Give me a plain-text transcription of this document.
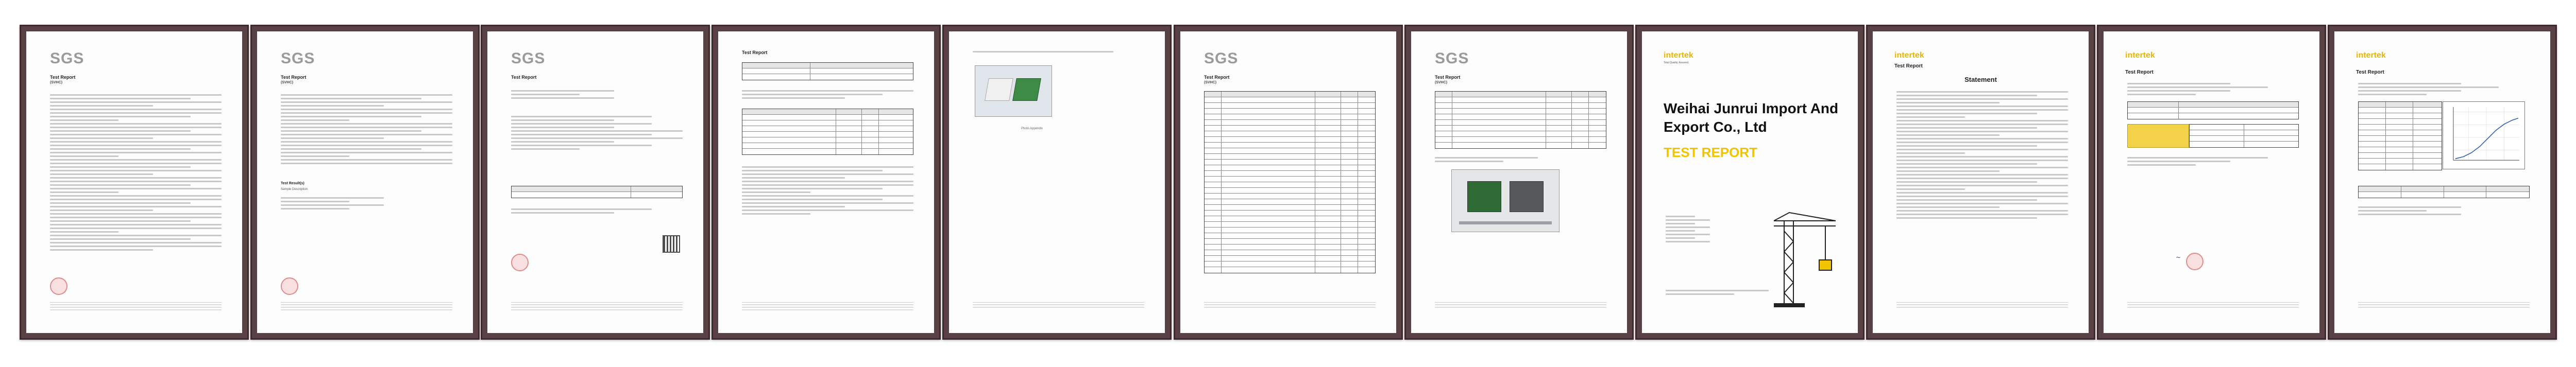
SGS
Test Report
(SVHC)
SGS
Test Report
(SVHC)
Test Result(s)
Sample Description
SGS
Test Report
Test Report
Photo Appendix
SGS
Test Report
(SVHC)
SGS
Test Report
(SVHC)
intertek
Total Quality. Assured.
Weihai Junrui Import And Export Co., Ltd
TEST REPORT
intertek
Test Report
Statement
intertek
Test Report
~
intertek
Test Report
